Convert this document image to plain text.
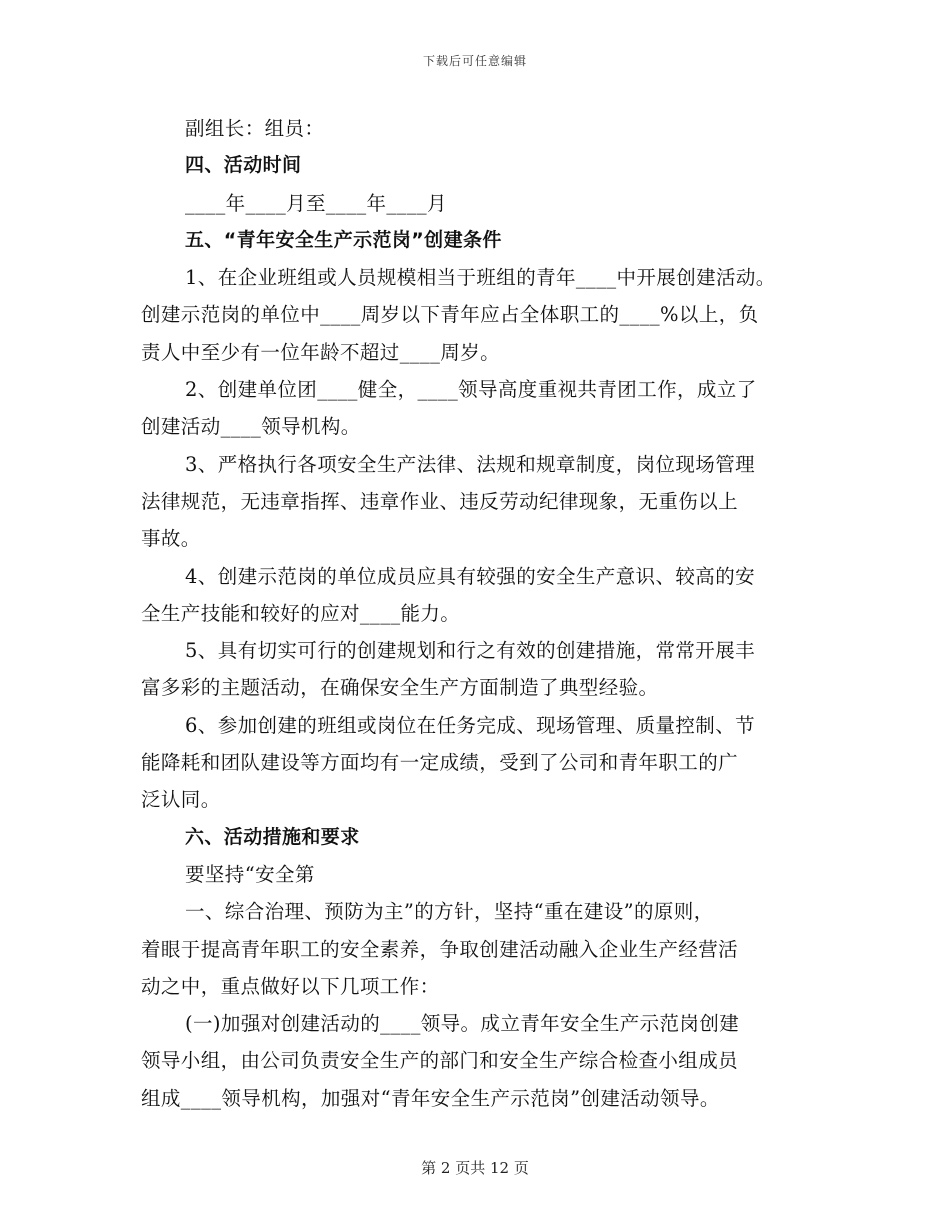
下载后可任意编辑
副组长：组员：
四、活动时间
____年____月至____年____月
五、“青年安全生产示范岗”创建条件
1、在企业班组或人员规模相当于班组的青年____中开展创建活动。
创建示范岗的单位中____周岁以下青年应占全体职工的____%以上，负
责人中至少有一位年龄不超过____周岁。
2、创建单位团____健全，____领导高度重视共青团工作，成立了
创建活动____领导机构。
3、严格执行各项安全生产法律、法规和规章制度，岗位现场管理
法律规范，无违章指挥、违章作业、违反劳动纪律现象，无重伤以上
事故。
4、创建示范岗的单位成员应具有较强的安全生产意识、较高的安
全生产技能和较好的应对____能力。
5、具有切实可行的创建规划和行之有效的创建措施，常常开展丰
富多彩的主题活动，在确保安全生产方面制造了典型经验。
6、参加创建的班组或岗位在任务完成、现场管理、质量控制、节
能降耗和团队建设等方面均有一定成绩，受到了公司和青年职工的广
泛认同。
六、活动措施和要求
要坚持“安全第
一、综合治理、预防为主”的方针，坚持“重在建设”的原则，
着眼于提高青年职工的安全素养，争取创建活动融入企业生产经营活
动之中，重点做好以下几项工作：
(一)加强对创建活动的____领导。成立青年安全生产示范岗创建
领导小组，由公司负责安全生产的部门和安全生产综合检查小组成员
组成____领导机构，加强对“青年安全生产示范岗”创建活动领导。
第 2 页共 12 页
